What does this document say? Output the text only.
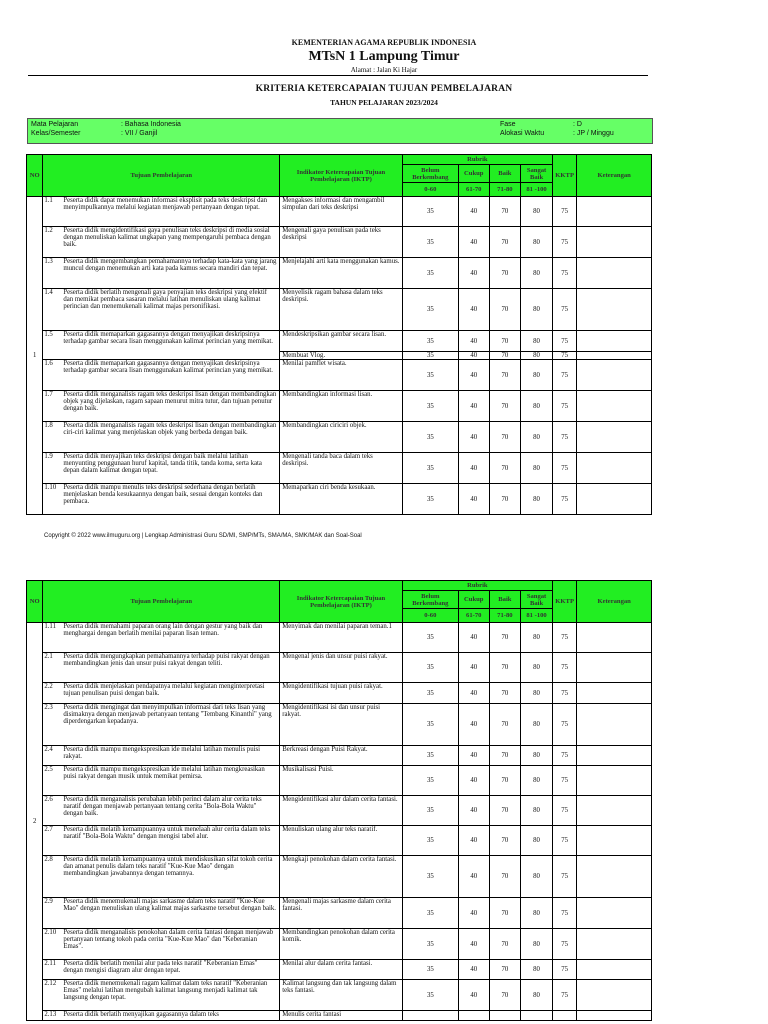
KEMENTERIAN AGAMA REPUBLIK INDONESIA
MTsN 1 Lampung Timur
Alamat : Jalan Ki Hajar
KRITERIA KETERCAPAIAN TUJUAN PEMBELAJARAN
TAHUN PELAJARAN 2023/2024
Mata Pelajaran	: Bahasa Indonesia
Kelas/Semester	: VII / Ganjil
Fase	: D
Alokasi Waktu	: JP / Minggu
NO	Tujuan Pembelajaran	Indikator Ketercapaian Tujuan Pembelajaran (IKTP)	Rubrik				KKTP	Keterangan
			Belum Berkembang	Cukup	Baik	Sangat Baik		
			0-60	61-70	71-80	81 -100		
1	1.1 Peserta didik dapat menemukan informasi eksplisit pada teks deskripsi dan menyimpulkannya melalui kegiatan menjawab pertanyaan dengan tepat.	Mengakses informasi dan mengambil simpulan dari teks deskripsi	35	40	70	80	75	

	1.2 Peserta didik mengidentifikasi gaya penulisan teks deskripsi di media sosial dengan menuliskan kalimat ungkapan yang mempengaruhi pembaca dengan baik.	Mengenali gaya penulisan pada teks deskripsi	35	40	70	80	75	

	1.3 Peserta didik mengembangkan pemahamannya terhadap kata-kata yang jarang muncul dengan menemukan arti kata pada kamus secara mandiri dan tepat.	Menjelajahi arti kata menggunakan kamus.	35	40	70	80	75	

	1.4 Peserta didik berlatih mengenali gaya penyajian teks deskripsi yang efektif dan memikat pembaca sasaran melalui latihan menuliskan ulang kalimat perincian dan menemukenali kalimat majas personifikasi.	Menyelisik ragam bahasa dalam teks deskripsi.	35	40	70	80	75	

	1.5 Peserta didik memaparkan gagasannya dengan menyajikan deskripsinya terhadap gambar secara lisan menggunakan kalimat perincian yang memikat.	Mendeskripsikan gambar secara lisan.	35	40	70	80	75	
		Membuat Vlog.	35	40	70	80	75	

	1.6 Peserta didik memaparkan gagasannya dengan menyajikan deskripsinya terhadap gambar secara lisan menggunakan kalimat perincian yang memikat.	Menilai pamflet wisata.	35	40	70	80	75	

	1.7 Peserta didik menganalisis ragam teks deskripsi lisan dengan membandingkan objek yang dijelaskan, ragam sapaan menurut mitra tutur, dan tujuan penutur dengan baik.	Membandingkan informasi lisan.	35	40	70	80	75	

	1.8 Peserta didik menganalisis ragam teks deskripsi lisan dengan membandingkan ciri-ciri kalimat yang menjelaskan objek yang berbeda dengan baik.	Membandingkan ciriciri objek.	35	40	70	80	75	

	1.9 Peserta didik menyajikan teks deskripsi dengan baik melalui latihan menyunting penggunaan huruf kapital, tanda titik, tanda koma, serta kata depan dalam kalimat dengan tepat.	Mengenali tanda baca dalam teks deskripsi.	35	40	70	80	75	

	1.10 Peserta didik mampu menulis teks deskripsi sederhana dengan berlatih menjelaskan benda kesukaannya dengan baik, sesuai dengan konteks dan pembaca.	Memaparkan ciri benda kesukaan.	35	40	70	80	75	
Copyright © 2022 www.ilmuguru.org | Lengkap Administrasi Guru SD/MI, SMP/MTs, SMA/MA, SMK/MAK dan Soal-Soal
NO	Tujuan Pembelajaran	Indikator Ketercapaian Tujuan Pembelajaran (IKTP)	Rubrik				KKTP	Keterangan
			Belum Berkembang	Cukup	Baik	Sangat Baik		
			0-60	61-70	71-80	81 -100		
2	1.11 Peserta didik memahami paparan orang lain dengan gestur yang baik dan menghargai dengan berlatih menilai paparan lisan teman.	Menyimak dan menilai paparan teman.1	35	40	70	80	75	

	2.1 Peserta didik mengungkapkan pemahamannya terhadap puisi rakyat dengan membandingkan jenis dan unsur puisi rakyat dengan teliti.	Mengenal jenis dan unsur puisi rakyat.	35	40	70	80	75	

	2.2 Peserta didik menjelaskan pendapatnya melalui kegiatan menginterpretasi tujuan penulisan puisi dengan baik.	Mengidentifikasi tujuan puisi rakyat.	35	40	70	80	75	

	2.3 Peserta didik mengingat dan menyimpulkan informasi dari teks lisan yang disimaknya dengan menjawab pertanyaan tentang "Tembang Kinanthi" yang diperdengarkan kepadanya.	Mengidentifikasi isi dan unsur puisi rakyat.	35	40	70	80	75	

	2.4 Peserta didik mampu mengekspresikan ide melalui latihan menulis puisi rakyat.	Berkreasi dengan Puisi Rakyat.	35	40	70	80	75	

	2.5 Peserta didik mampu mengekspresikan ide melalui latihan mengkreasikan puisi rakyat dengan musik untuk memikat pemirsa.	Musikalisasi Puisi.	35	40	70	80	75	

	2.6 Peserta didik menganalisis perubahan lebih perinci dalam alur cerita teks naratif dengan menjawab pertanyaan tentang cerita "Bola-Bola Waktu" dengan baik.	Mengidentifikasi alur dalam cerita fantasi.	35	40	70	80	75	

	2.7 Peserta didik melatih kemampuannya untuk menelaah alur cerita dalam teks naratif "Bola-Bola Waktu" dengan mengisi tabel alur.	Menuliskan ulang alur teks naratif.	35	40	70	80	75	

	2.8 Peserta didik melatih kemampuannya untuk mendiskusikan sifat tokoh cerita dan amanat penulis dalam teks naratif "Kue-Kue Mao" dengan membandingkan jawabannya dengan temannya.	Mengkaji penokohan dalam cerita fantasi.	35	40	70	80	75	

	2.9 Peserta didik menemukenali majas sarkasme dalam teks naratif "Kue-Kue Mao" dengan menuliskan ulang kalimat majas sarkasme tersebut dengan baik.	Mengenali majas sarkasme dalam cerita fantasi.	35	40	70	80	75	

	2.10 Peserta didik menganalisis penokohan dalam cerita fantasi dengan menjawab pertanyaan tentang tokoh pada cerita "Kue-Kue Mao" dan "Keberanian Emas".	Membandingkan penokohan dalam cerita komik.	35	40	70	80	75	

	2.11 Peserta didik berlatih menilai alur pada teks naratif "Keberanian Emas" dengan mengisi diagram alur dengan tepat.	Menilai alur dalam cerita fantasi.	35	40	70	80	75	

	2.12 Peserta didik menemukenali ragam kalimat dalam teks naratif "Keberanian Emas" melalui latihan mengubah kalimat langsung menjadi kalimat tak langsung dengan tepat.	Kalimat langsung dan tak langsung dalam teks fantasi.	35	40	70	80	75	

	2.13 Peserta didik berlatih menyajikan gagasannya dalam teks	Menulis cerita fantasi						
